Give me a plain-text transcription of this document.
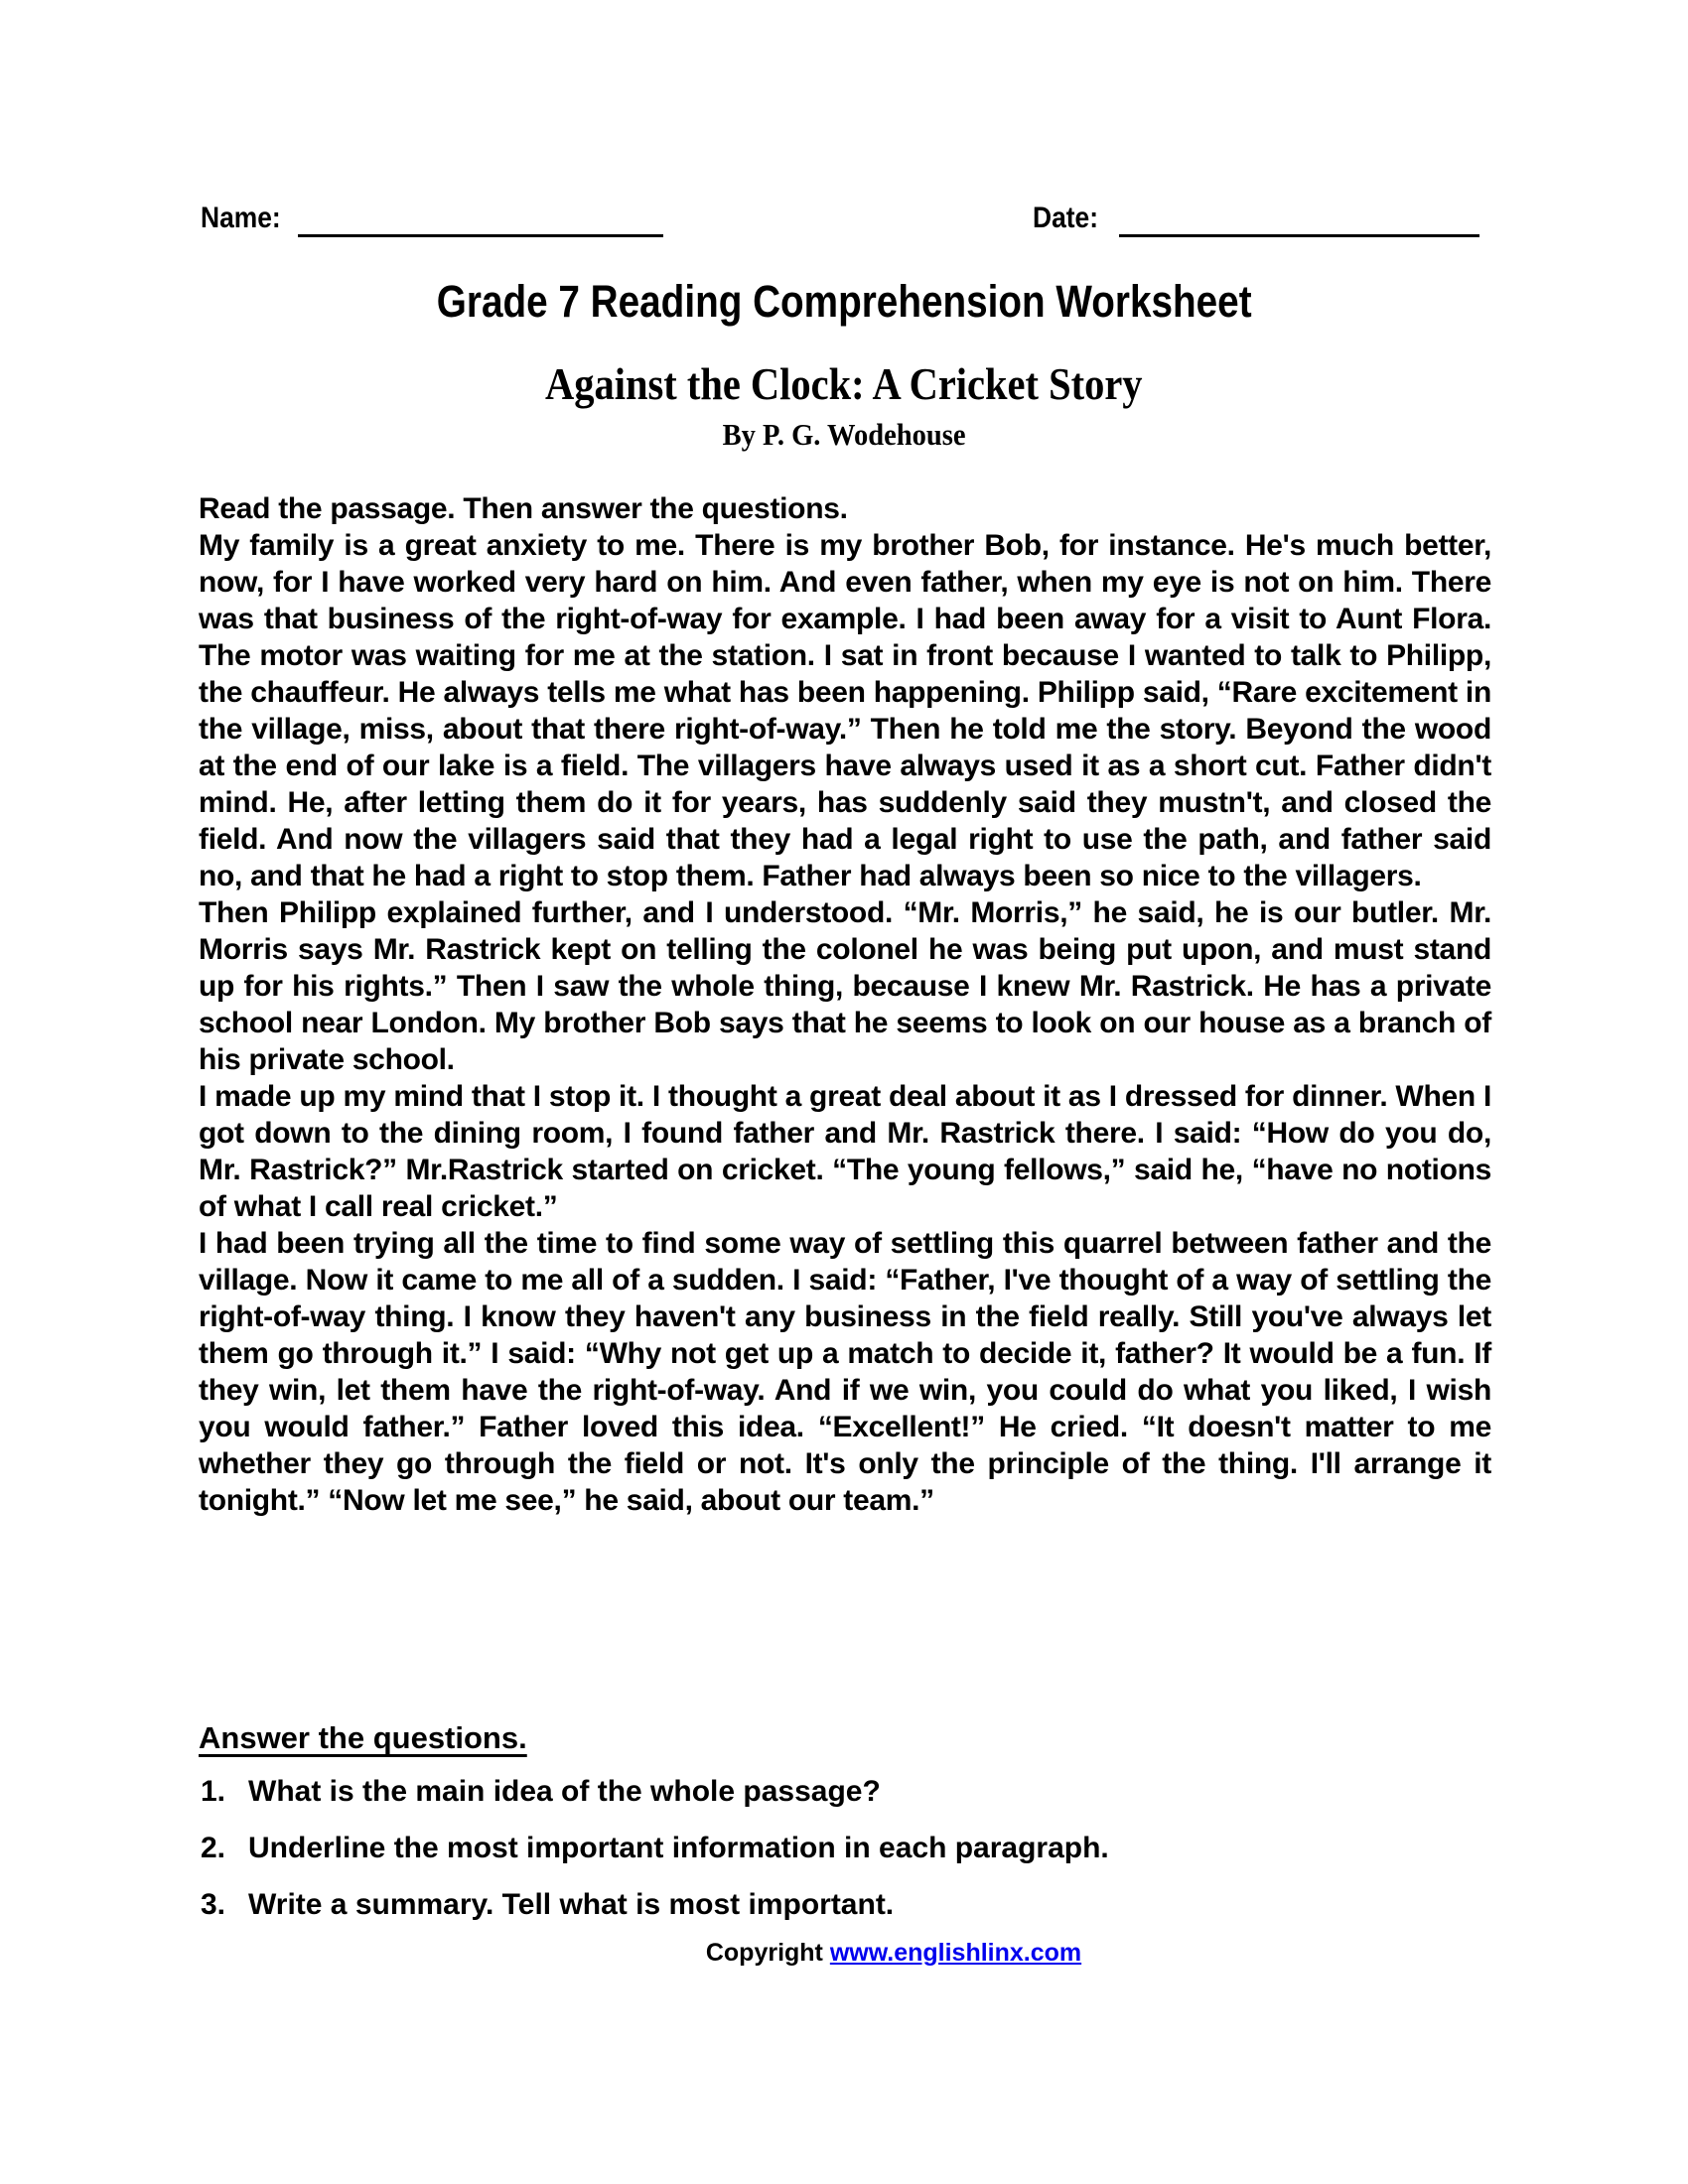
Name:	Date:
Grade 7 Reading Comprehension Worksheet
Against the Clock: A Cricket Story
By P. G. Wodehouse

Read the passage. Then answer the questions.

My family is a great anxiety to me. There is my brother Bob, for instance. He's much better, now, for I have worked very hard on him. And even father, when my eye is not on him. There was that business of the right-of-way for example. I had been away for a visit to Aunt Flora. The motor was waiting for me at the station. I sat in front because I wanted to talk to Philipp, the chauffeur. He always tells me what has been happening. Philipp said, “Rare excitement in the village, miss, about that there right-of-way.” Then he told me the story. Beyond the wood at the end of our lake is a field. The villagers have always used it as a short cut. Father didn't mind. He, after letting them do it for years, has suddenly said they mustn't, and closed the field. And now the villagers said that they had a legal right to use the path, and father said no, and that he had a right to stop them. Father had always been so nice to the villagers.

Then Philipp explained further, and I understood. “Mr. Morris,” he said, he is our butler. Mr. Morris says Mr. Rastrick kept on telling the colonel he was being put upon, and must stand up for his rights.” Then I saw the whole thing, because I knew Mr. Rastrick. He has a private school near London. My brother Bob says that he seems to look on our house as a branch of his private school.

I made up my mind that I stop it. I thought a great deal about it as I dressed for dinner. When I got down to the dining room, I found father and Mr. Rastrick there. I said: “How do you do, Mr. Rastrick?” Mr.Rastrick started on cricket. “The young fellows,” said he, “have no notions of what I call real cricket.”

I had been trying all the time to find some way of settling this quarrel between father and the village. Now it came to me all of a sudden. I said: “Father, I've thought of a way of settling the right-of-way thing. I know they haven't any business in the field really. Still you've always let them go through it.” I said: “Why not get up a match to decide it, father? It would be a fun. If they win, let them have the right-of-way. And if we win, you could do what you liked, I wish you would father.” Father loved this idea. “Excellent!” He cried. “It doesn't matter to me whether they go through the field or not. It's only the principle of the thing. I'll arrange it tonight.” “Now let me see,” he said, about our team.”

Answer the questions.
1. What is the main idea of the whole passage?
2. Underline the most important information in each paragraph.
3. Write a summary. Tell what is most important.
Copyright www.englishlinx.com
